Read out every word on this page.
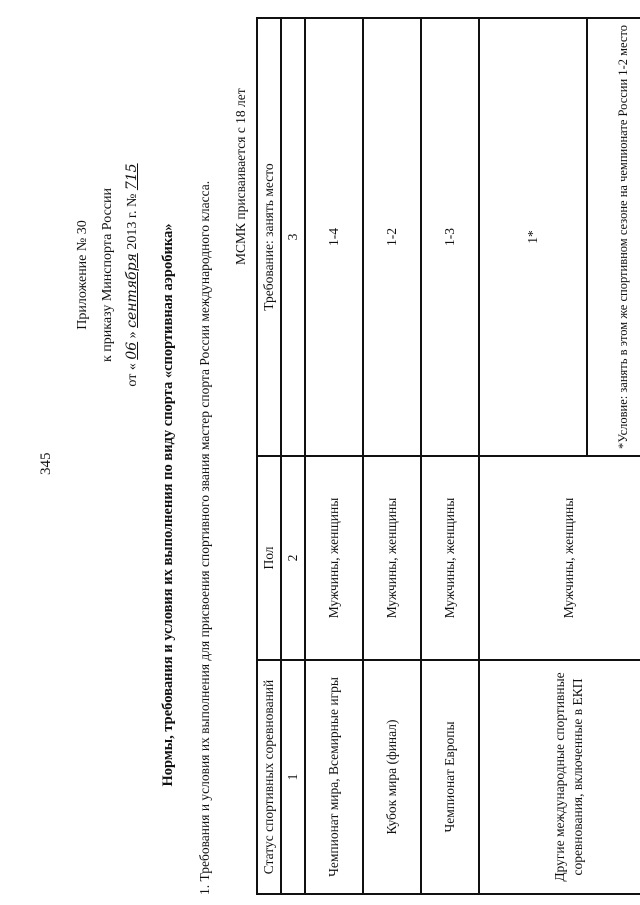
345
Приложение № 30 к приказу Минспорта России
от « 06 » сентября 2013 г. № 715
Нормы, требования и условия их выполнения по виду спорта «спортивная аэробика» 1. Требования и условия их выполнения для присвоения спортивного звания мастер спорта России международного класса.
МСМК присваивается с 18 лет
Статус спортивных соревнований	Пол	Требование: занять место
1	2	3
Чемпионат мира, Всемирные игры	Мужчины, женщины	1-4
Кубок мира (финал)	Мужчины, женщины	1-2
Чемпионат Европы	Мужчины, женщины	1-3
Другие международные спортивные соревнования, включенные в ЕКП	Мужчины, женщины	1*
		*Условие: занять в этом же спортивном сезоне на чемпионате России 1-2 место
